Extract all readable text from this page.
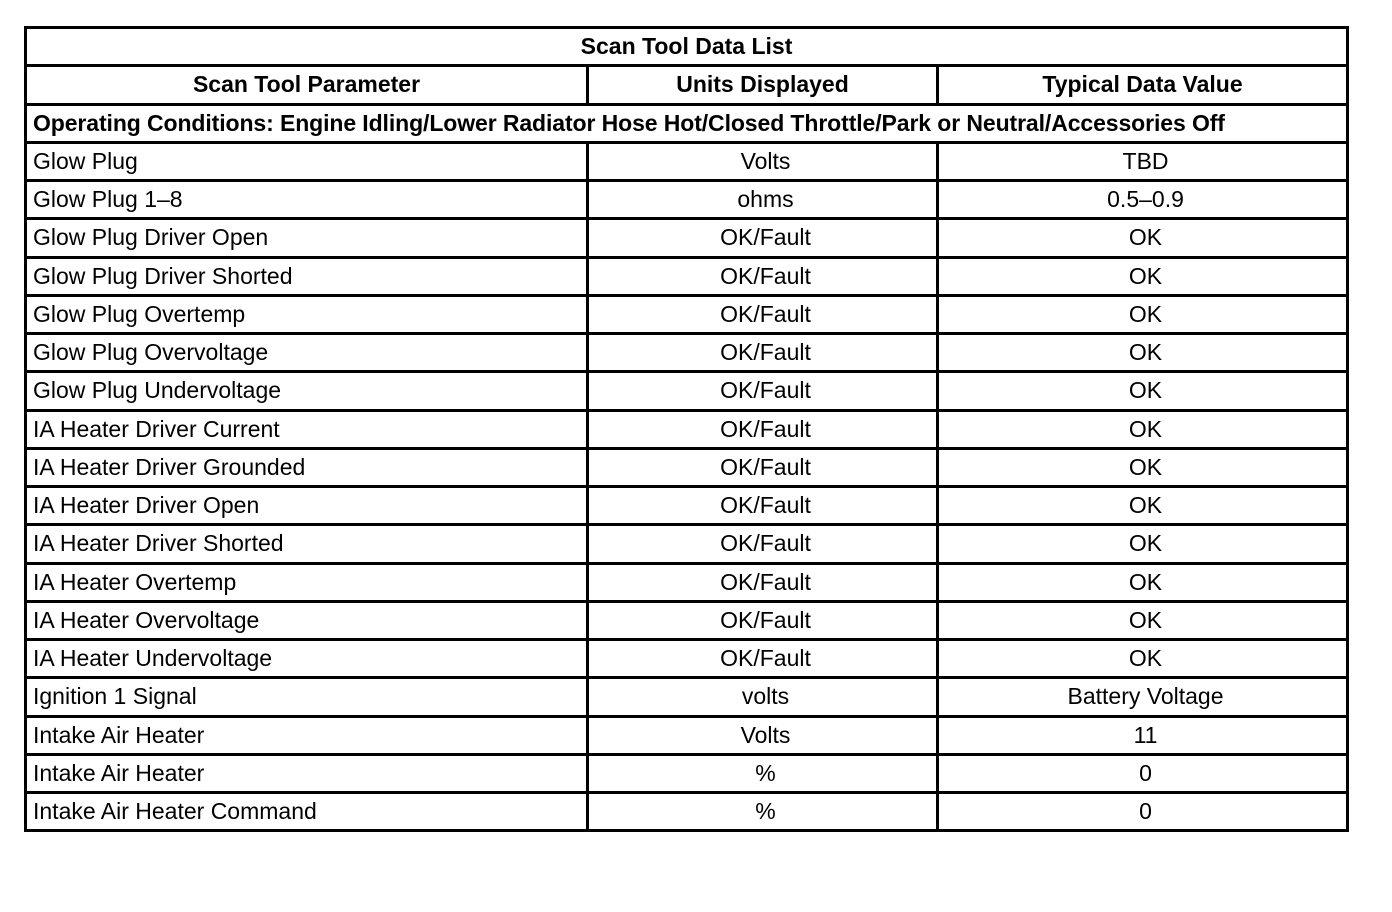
Scan Tool Data List		
Scan Tool Parameter	Units Displayed	Typical Data Value
Operating Conditions: Engine Idling/Lower Radiator Hose Hot/Closed Throttle/Park or Neutral/Accessories Off		
Glow Plug	Volts	TBD
Glow Plug 1–8	ohms	0.5–0.9
Glow Plug Driver Open	OK/Fault	OK
Glow Plug Driver Shorted	OK/Fault	OK
Glow Plug Overtemp	OK/Fault	OK
Glow Plug Overvoltage	OK/Fault	OK
Glow Plug Undervoltage	OK/Fault	OK
IA Heater Driver Current	OK/Fault	OK
IA Heater Driver Grounded	OK/Fault	OK
IA Heater Driver Open	OK/Fault	OK
IA Heater Driver Shorted	OK/Fault	OK
IA Heater Overtemp	OK/Fault	OK
IA Heater Overvoltage	OK/Fault	OK
IA Heater Undervoltage	OK/Fault	OK
Ignition 1 Signal	volts	Battery Voltage
Intake Air Heater	Volts	11
Intake Air Heater	%	0
Intake Air Heater Command	%	0
